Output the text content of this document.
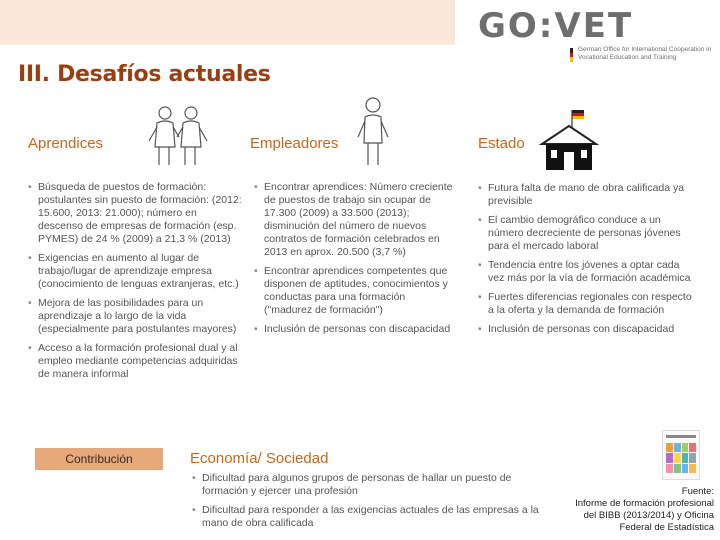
GO:VET
German Office for International Cooperation in Vocational Education and Training
III. Desafíos actuales
Aprendices	Empleadores	Estado
• Búsqueda de puestos de formación: postulantes sin puesto de formación: (2012: 15.600, 2013: 21.000); número en descenso de empresas de formación (esp. PYMES) de 24 % (2009) a 21,3 % (2013)
• Exigencias en aumento al lugar de trabajo/lugar de aprendizaje empresa (conocimiento de lenguas extranjeras, etc.)
• Mejora de las posibilidades para un aprendizaje a lo largo de la vida (especialmente para postulantes mayores)
• Acceso a la formación profesional dual y al empleo mediante competencias adquiridas de manera informal
• Encontrar aprendices: Número creciente de puestos de trabajo sin ocupar de 17.300 (2009) a 33.500 (2013); disminución del número de nuevos contratos de formación celebrados en 2013 en aprox. 20.500 (3,7 %)
• Encontrar aprendices competentes que disponen de aptitudes, conocimientos y conductas para una formación ("madurez de formación")
• Inclusión de personas con discapacidad
• Futura falta de mano de obra calificada ya previsible
• El cambio demográfico conduce a un número decreciente de personas jóvenes para el mercado laboral
• Tendencia entre los jóvenes a optar cada vez más por la vía de formación académica
• Fuertes diferencias regionales con respecto a la oferta y la demanda de formación
• Inclusión de personas con discapacidad
Contribución	Economía/ Sociedad
• Dificultad para algunos grupos de personas de hallar un puesto de formación y ejercer una profesión
• Dificultad para responder a las exigencias actuales de las empresas a la mano de obra calificada
Fuente:
Informe de formación profesional
del BIBB (2013/2014) y Oficina
Federal de Estadística
